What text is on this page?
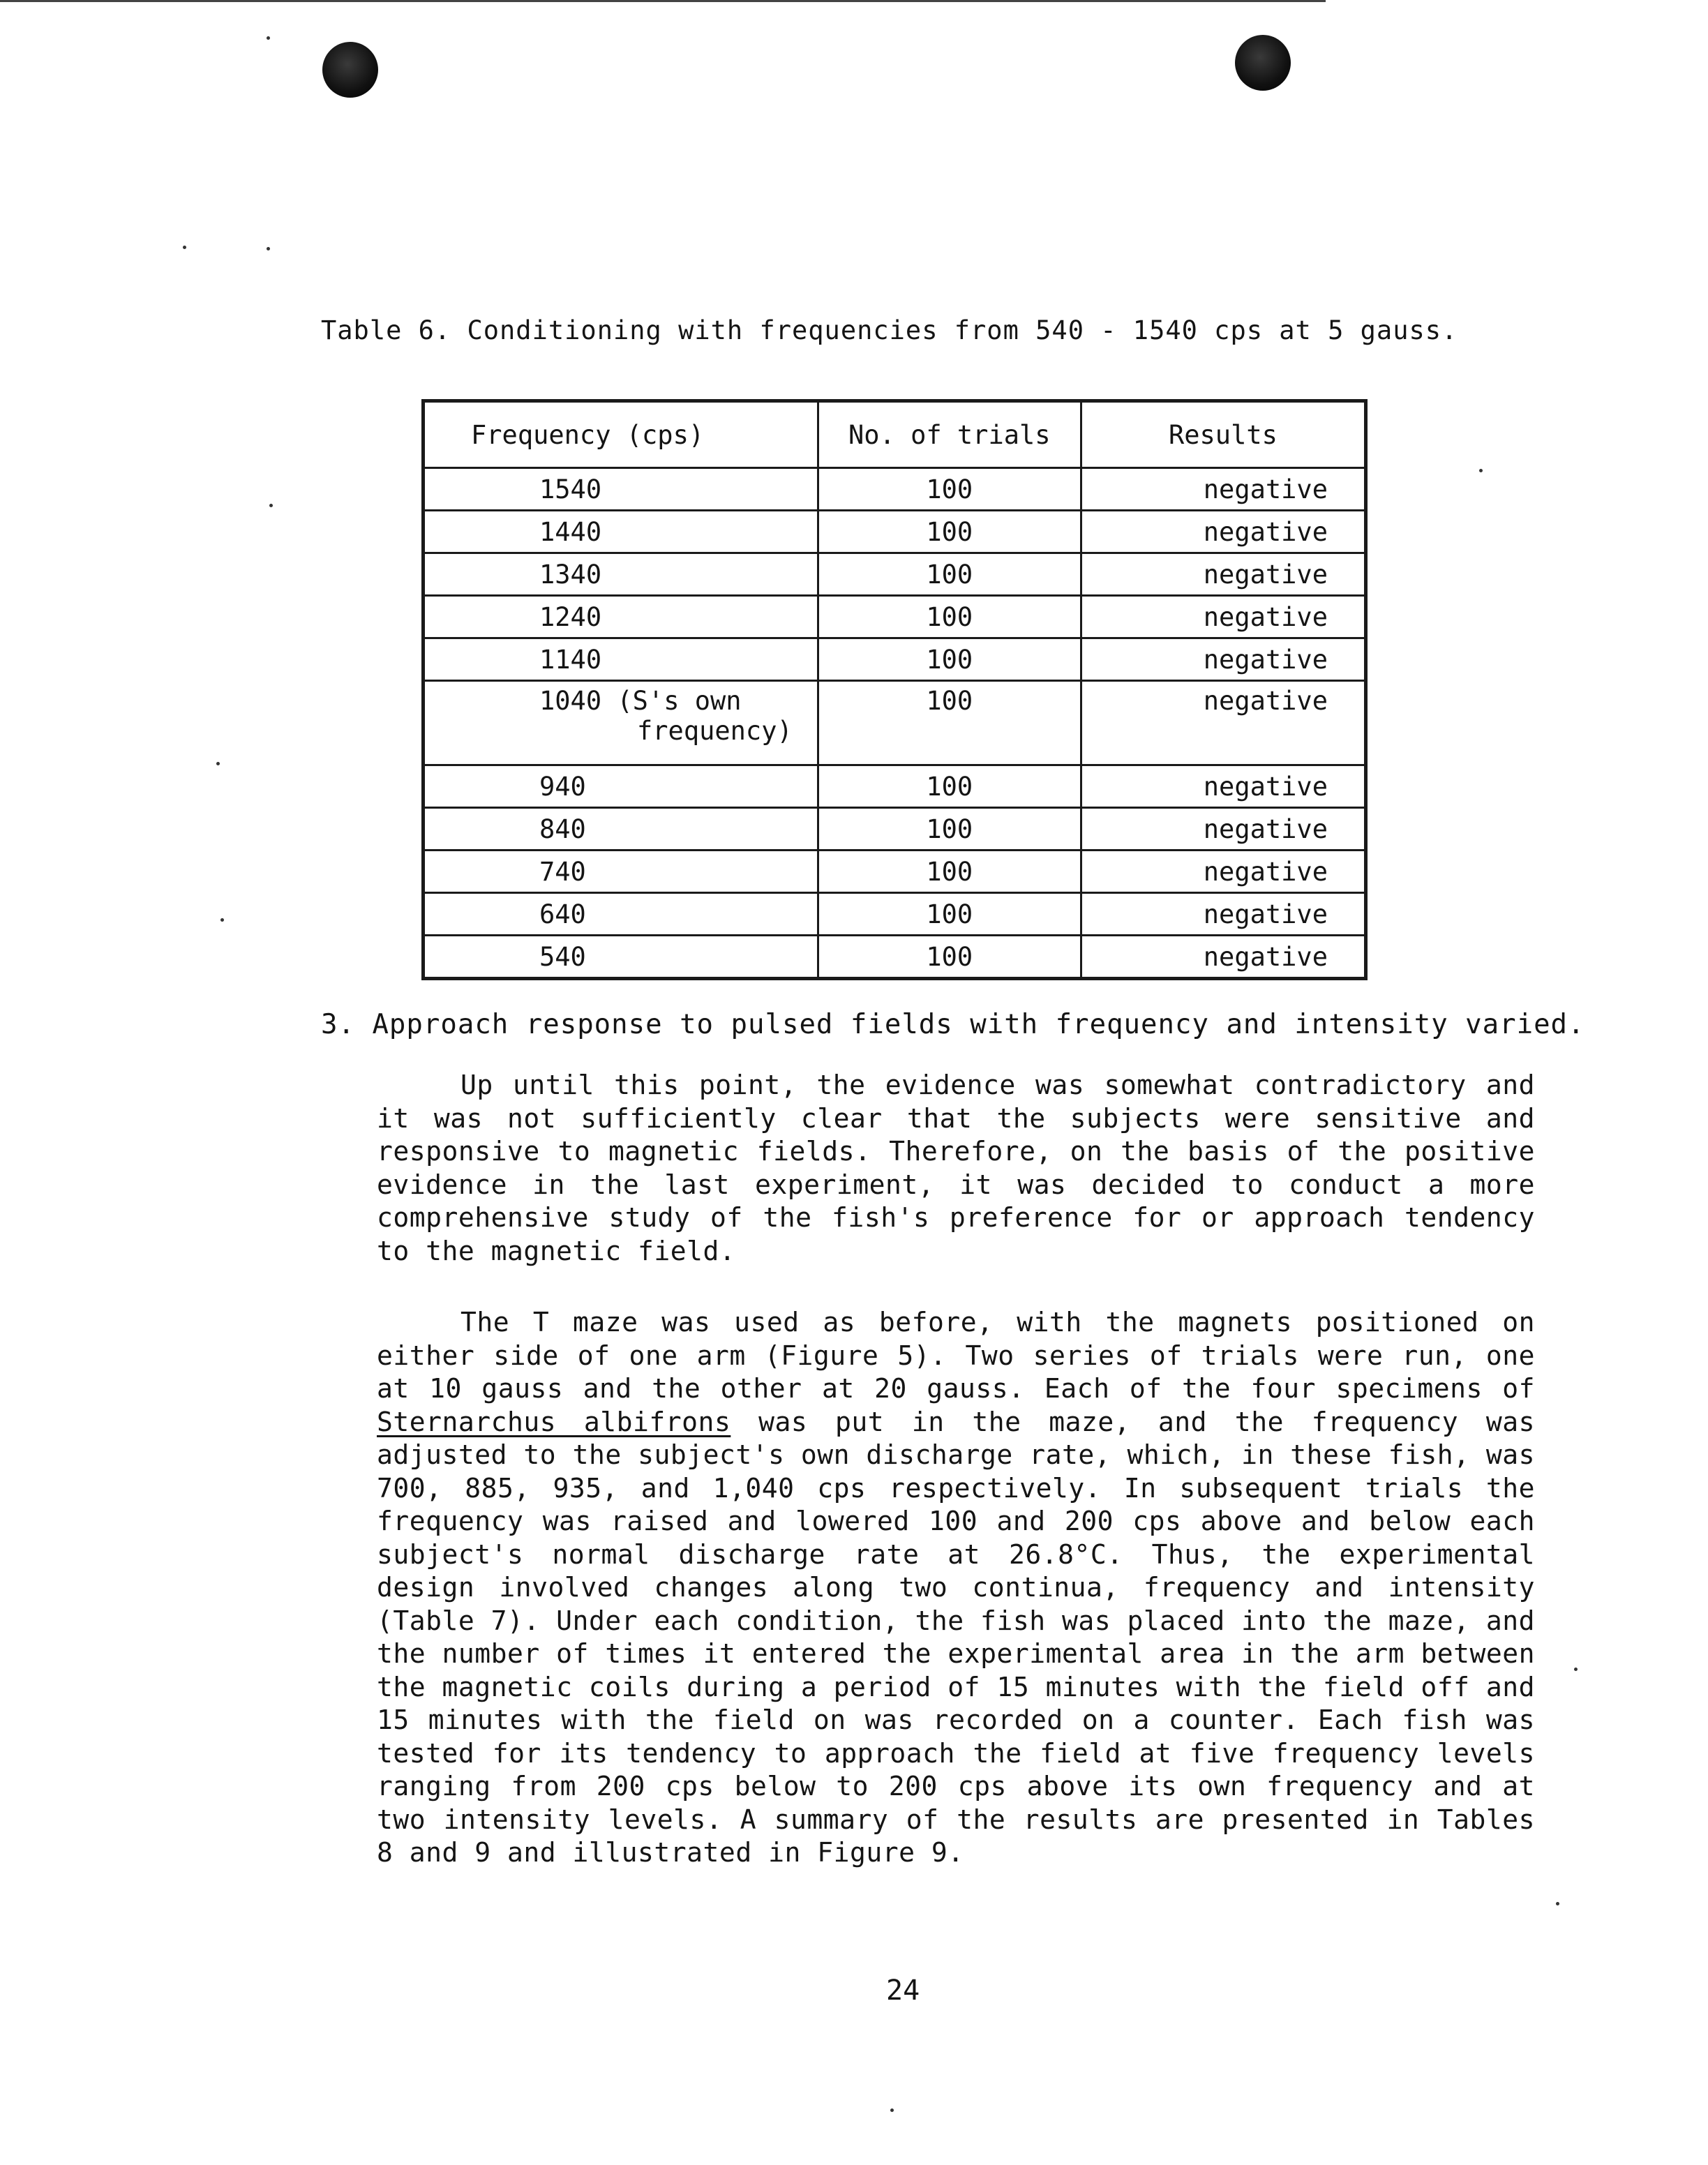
Table 6. Conditioning with frequencies from 540 - 1540 cps at 5 gauss.
Frequency (cps)	No. of trials	Results
1540	100	negative
1440	100	negative
1340	100	negative
1240	100	negative
1140	100	negative
1040 (S's own
frequency)	100	negative
940	100	negative
840	100	negative
740	100	negative
640	100	negative
540	100	negative
3. Approach response to pulsed fields with frequency and intensity varied.
Up until this point, the evidence was somewhat contradictory and it was not sufficiently clear that the subjects were sensitive and responsive to magnetic fields. Therefore, on the basis of the positive evidence in the last experiment, it was decided to conduct a more comprehensive study of the fish's preference for or approach tendency to the magnetic field.
The T maze was used as before, with the magnets positioned on either side of one arm (Figure 5). Two series of trials were run, one at 10 gauss and the other at 20 gauss. Each of the four specimens of Sternarchus albifrons was put in the maze, and the frequency was adjusted to the subject's own discharge rate, which, in these fish, was 700, 885, 935, and 1,040 cps respectively. In subsequent trials the frequency was raised and lowered 100 and 200 cps above and below each subject's normal discharge rate at 26.8°C. Thus, the experimental design involved changes along two continua, frequency and intensity (Table 7). Under each condition, the fish was placed into the maze, and the number of times it entered the experimental area in the arm between the magnetic coils during a period of 15 minutes with the field off and 15 minutes with the field on was recorded on a counter. Each fish was tested for its tendency to approach the field at five frequency levels ranging from 200 cps below to 200 cps above its own frequency and at two intensity levels. A summary of the results are presented in Tables 8 and 9 and illustrated in Figure 9.
24
